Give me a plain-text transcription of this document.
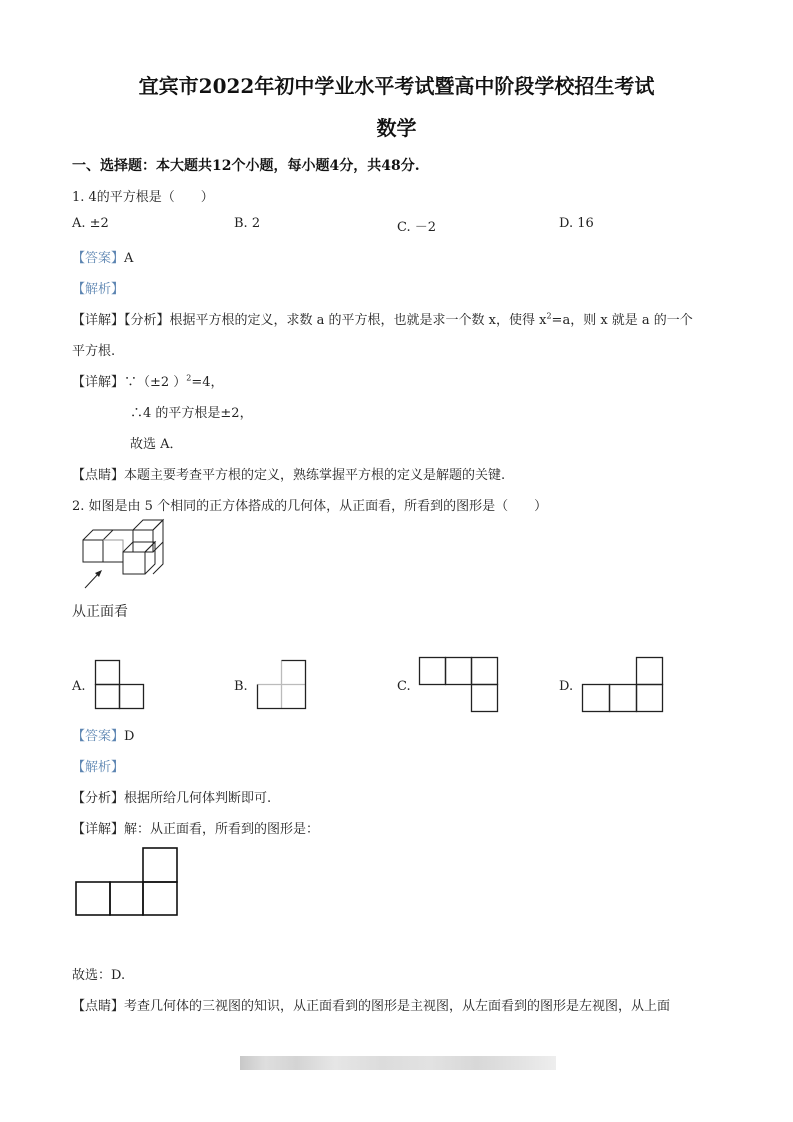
宜宾市2022年初中学业水平考试暨高中阶段学校招生考试
数学
一、选择题：本大题共12个小题，每小题4分，共48分.
1. 4的平方根是（　　）
A. ±2	B. 2	C. －2	D. 16
【答案】A
【解析】
【详解】【分析】根据平方根的定义，求数 a 的平方根，也就是求一个数 x，使得 $x^2=a$，则 x 就是 a 的一个
平方根.
【详解】∵（±2 ）$^2$=4，
∴4 的平方根是±2，
故选 A．
【点睛】本题主要考查平方根的定义，熟练掌握平方根的定义是解题的关键.
2. 如图是由 5 个相同的正方体搭成的几何体，从正面看，所看到的图形是（　　）
从正面看
A.	B.	C.	D.
【答案】D
【解析】
【分析】根据所给几何体判断即可.
【详解】解：从正面看，所看到的图形是：
故选：D.
【点睛】考查几何体的三视图的知识，从正面看到的图形是主视图，从左面看到的图形是左视图，从上面
